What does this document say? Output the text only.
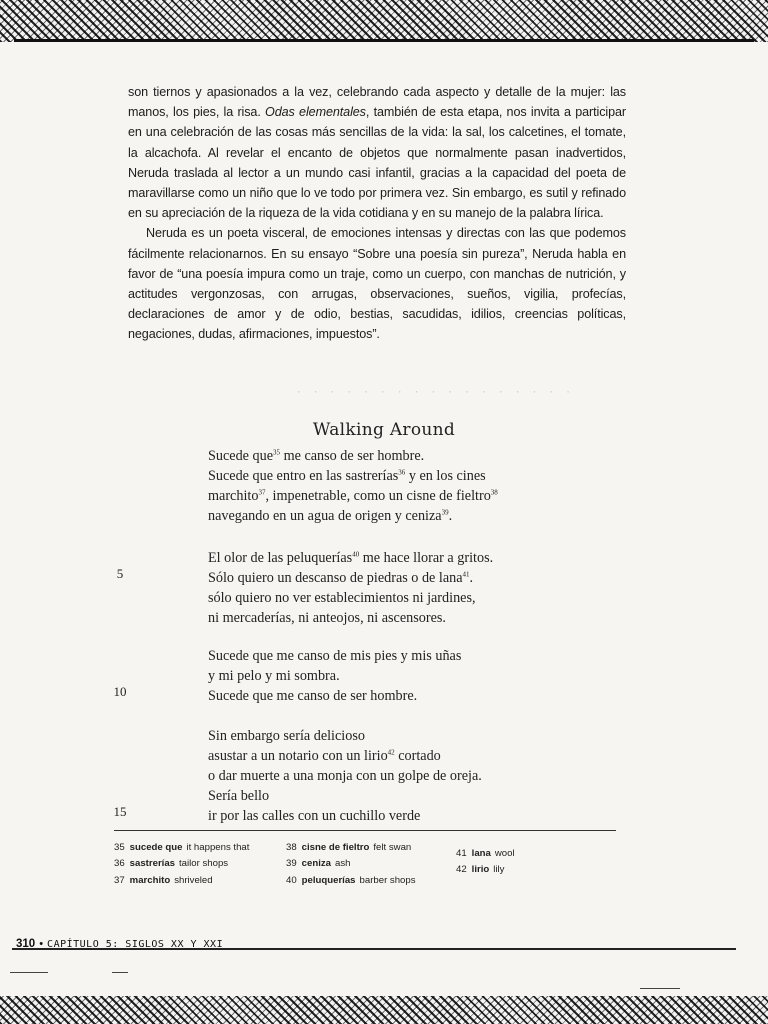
son tiernos y apasionados a la vez, celebrando cada aspecto y detalle de la mujer: las manos, los pies, la risa. Odas elementales, también de esta etapa, nos invita a participar en una celebración de las cosas más sencillas de la vida: la sal, los calcetines, el tomate, la alcachofa. Al revelar el encanto de objetos que normalmente pasan inadvertidos, Neruda traslada al lector a un mundo casi infantil, gracias a la capacidad del poeta de maravillarse como un niño que lo ve todo por primera vez. Sin embargo, es sutil y refinado en su apreciación de la riqueza de la vida cotidiana y en su manejo de la palabra lírica.

Neruda es un poeta visceral, de emociones intensas y directas con las que podemos fácilmente relacionarnos. En su ensayo “Sobre una poesía sin pureza”, Neruda habla en favor de “una poesía impura como un traje, como un cuerpo, con manchas de nutrición, y actitudes vergonzosas, con arrugas, observaciones, sueños, vigilia, profecías, declaraciones de amor y de odio, bestias, sacudidas, idilios, creencias políticas, negaciones, dudas, afirmaciones, impuestos”.

· · · · · · · · · · · · · · · · ·
Walking Around
Sucede que$^{35}$ me canso de ser hombre.
Sucede que entro en las sastrerías$^{36}$ y en los cines
marchito$^{37}$, impenetrable, como un cisne de fieltro$^{38}$
navegando en un agua de origen y ceniza$^{39}$.
El olor de las peluquerías$^{40}$ me hace llorar a gritos.
Sólo quiero un descanso de piedras o de lana$^{41}$.
sólo quiero no ver establecimientos ni jardines,
ni mercaderías, ni anteojos, ni ascensores.
Sucede que me canso de mis pies y mis uñas
y mi pelo y mi sombra.
Sucede que me canso de ser hombre.
Sin embargo sería delicioso
asustar a un notario con un lirio$^{42}$ cortado
o dar muerte a una monja con un golpe de oreja.
Sería bello
ir por las calles con un cuchillo verde
5
10
15
35 sucede que it happens that
36 sastrerías tailor shops
37 marchito shriveled
38 cisne de fieltro felt swan
39 ceniza ash
40 peluquerías barber shops
41 lana wool
42 lirio lily
310 • CAPÍTULO 5: SIGLOS XX Y XXI
